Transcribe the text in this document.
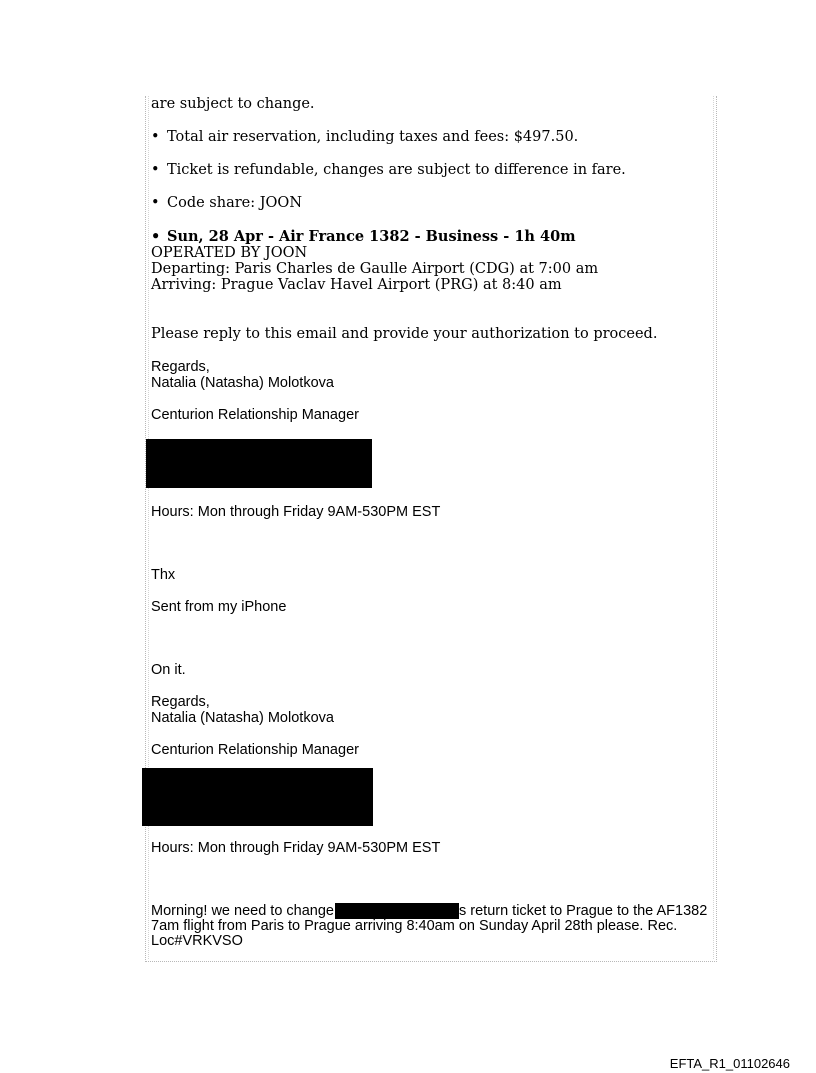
are subject to change.
• Total air reservation, including taxes and fees: $497.50.
• Ticket is refundable, changes are subject to difference in fare.
• Code share: JOON
• Sun, 28 Apr - Air France 1382 - Business - 1h 40m
OPERATED BY JOON
Departing: Paris Charles de Gaulle Airport (CDG) at 7:00 am
Arriving: Prague Vaclav Havel Airport (PRG) at 8:40 am
Please reply to this email and provide your authorization to proceed.
Regards,
Natalia (Natasha) Molotkova
Centurion Relationship Manager
Hours: Mon through Friday 9AM-530PM EST
Thx
Sent from my iPhone
On it.
Regards,
Natalia (Natasha) Molotkova
Centurion Relationship Manager
Hours: Mon through Friday 9AM-530PM EST
Morning! we need to change	s return ticket to Prague to the AF1382
7am flight from Paris to Prague arriving 8:40am on Sunday April 28th please. Rec.
Loc#VRKVSO
EFTA_R1_01102646
